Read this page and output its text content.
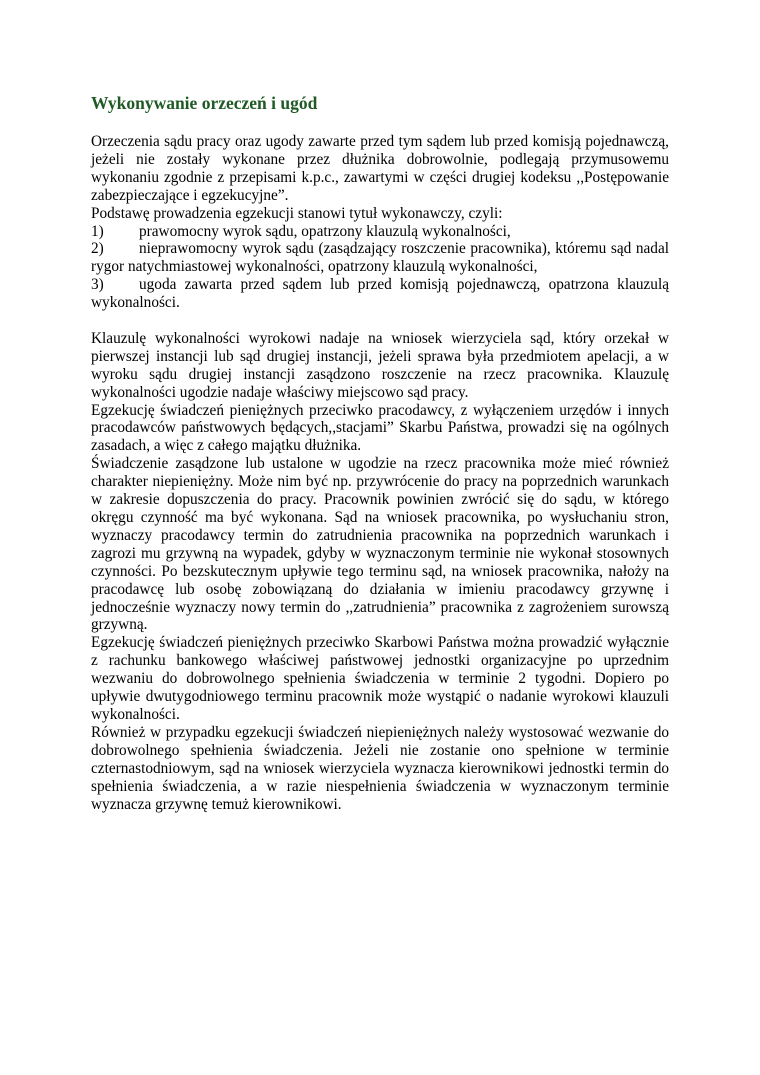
Wykonywanie orzeczeń i ugód

Orzeczenia sądu pracy oraz ugody zawarte przed tym sądem lub przed komisją pojednawczą, jeżeli nie zostały wykonane przez dłużnika dobrowolnie, podlegają przymusowemu wykonaniu zgodnie z przepisami k.p.c., zawartymi w części drugiej kodeksu ,,Postępowanie zabezpieczające i egzekucyjne”.

Podstawę prowadzenia egzekucji stanowi tytuł wykonawczy, czyli:

1) prawomocny wyrok sądu, opatrzony klauzulą wykonalności,

2) nieprawomocny wyrok sądu (zasądzający roszczenie pracownika), któremu sąd nadal rygor natychmiastowej wykonalności, opatrzony klauzulą wykonalności,

3) ugoda zawarta przed sądem lub przed komisją pojednawczą, opatrzona klauzulą wykonalności.

Klauzulę wykonalności wyrokowi nadaje na wniosek wierzyciela sąd, który orzekał w pierwszej instancji lub sąd drugiej instancji, jeżeli sprawa była przedmiotem apelacji, a w wyroku sądu drugiej instancji zasądzono roszczenie na rzecz pracownika. Klauzulę wykonalności ugodzie nadaje właściwy miejscowo sąd pracy.

Egzekucję świadczeń pieniężnych przeciwko pracodawcy, z wyłączeniem urzędów i innych pracodawców państwowych będących,,stacjami” Skarbu Państwa, prowadzi się na ogólnych zasadach, a więc z całego majątku dłużnika.

Świadczenie zasądzone lub ustalone w ugodzie na rzecz pracownika może mieć również charakter niepieniężny. Może nim być np. przywrócenie do pracy na poprzednich warunkach w zakresie dopuszczenia do pracy. Pracownik powinien zwrócić się do sądu, w którego okręgu czynność ma być wykonana. Sąd na wniosek pracownika, po wysłuchaniu stron, wyznaczy pracodawcy termin do zatrudnienia pracownika na poprzednich warunkach i zagrozi mu grzywną na wypadek, gdyby w wyznaczonym terminie nie wykonał stosownych czynności. Po bezskutecznym upływie tego terminu sąd, na wniosek pracownika, nałoży na pracodawcę lub osobę zobowiązaną do działania w imieniu pracodawcy grzywnę i jednocześnie wyznaczy nowy termin do ,,zatrudnienia” pracownika z zagrożeniem surowszą grzywną.

Egzekucję świadczeń pieniężnych przeciwko Skarbowi Państwa można prowadzić wyłącznie z rachunku bankowego właściwej państwowej jednostki organizacyjne po uprzednim wezwaniu do dobrowolnego spełnienia świadczenia w terminie 2 tygodni. Dopiero po upływie dwutygodniowego terminu pracownik może wystąpić o nadanie wyrokowi klauzuli wykonalności.

Również w przypadku egzekucji świadczeń niepieniężnych należy wystosować wezwanie do dobrowolnego spełnienia świadczenia. Jeżeli nie zostanie ono spełnione w terminie czternastodniowym, sąd na wniosek wierzyciela wyznacza kierownikowi jednostki termin do spełnienia świadczenia, a w razie niespełnienia świadczenia w wyznaczonym terminie wyznacza grzywnę temuż kierownikowi.
